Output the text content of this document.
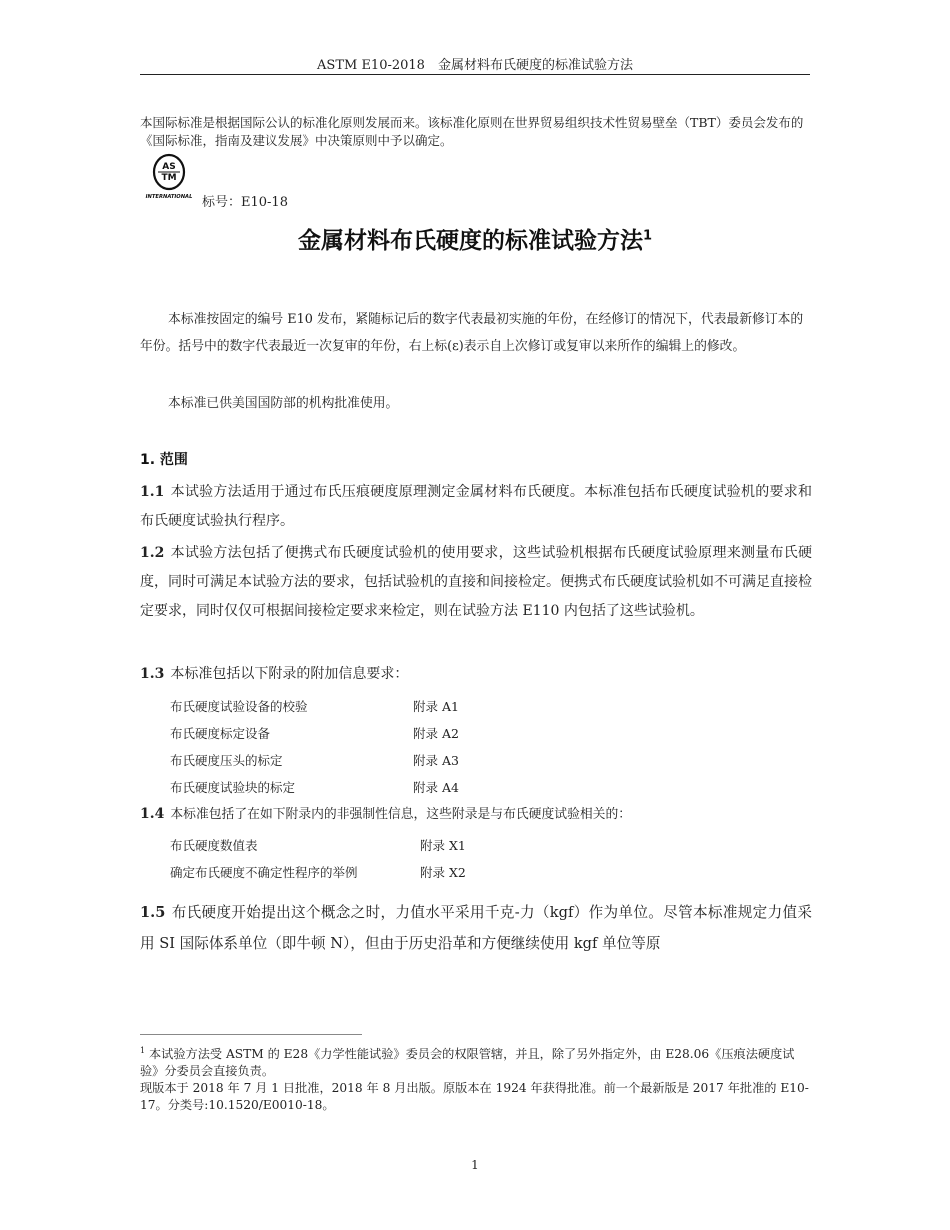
ASTM E10-2018　金属材料布氏硬度的标准试验方法
本国际标准是根据国际公认的标准化原则发展而来。该标准化原则在世界贸易组织技术性贸易壁垒（TBT）委员会发布的《国际标准，指南及建议发展》中决策原则中予以确定。
AS
TM
INTERNATIONAL 标号：E10-18
金属材料布氏硬度的标准试验方法$^1$
本标准按固定的编号 E10 发布，紧随标记后的数字代表最初实施的年份，在经修订的情况下，代表最新修订本的年份。括号中的数字代表最近一次复审的年份，右上标(ε)表示自上次修订或复审以来所作的编辑上的修改。
本标准已供美国国防部的机构批准使用。
1. 范围
1.1 本试验方法适用于通过布氏压痕硬度原理测定金属材料布氏硬度。本标准包括布氏硬度试验机的要求和布氏硬度试验执行程序。
1.2 本试验方法包括了便携式布氏硬度试验机的使用要求，这些试验机根据布氏硬度试验原理来测量布氏硬度，同时可满足本试验方法的要求，包括试验机的直接和间接检定。便携式布氏硬度试验机如不可满足直接检定要求，同时仅仅可根据间接检定要求来检定，则在试验方法 E110 内包括了这些试验机。
1.3 本标准包括以下附录的附加信息要求：
布氏硬度试验设备的校验	附录 A1
布氏硬度标定设备	附录 A2
布氏硬度压头的标定	附录 A3
布氏硬度试验块的标定	附录 A4
1.4 本标准包括了在如下附录内的非强制性信息，这些附录是与布氏硬度试验相关的：
布氏硬度数值表	附录 X1
确定布氏硬度不确定性程序的举例	附录 X2
1.5 布氏硬度开始提出这个概念之时，力值水平采用千克-力（kgf）作为单位。尽管本标准规定力值采用 SI 国际体系单位（即牛顿 N），但由于历史沿革和方便继续使用 kgf 单位等原
$^1$ 本试验方法受 ASTM 的 E28《力学性能试验》委员会的权限管辖，并且，除了另外指定外，由 E28.06《压痕法硬度试验》分委员会直接负责。
现版本于 2018 年 7 月 1 日批准，2018 年 8 月出版。原版本在 1924 年获得批准。前一个最新版是 2017 年批准的 E10-17。分类号:10.1520/E0010-18。
1
